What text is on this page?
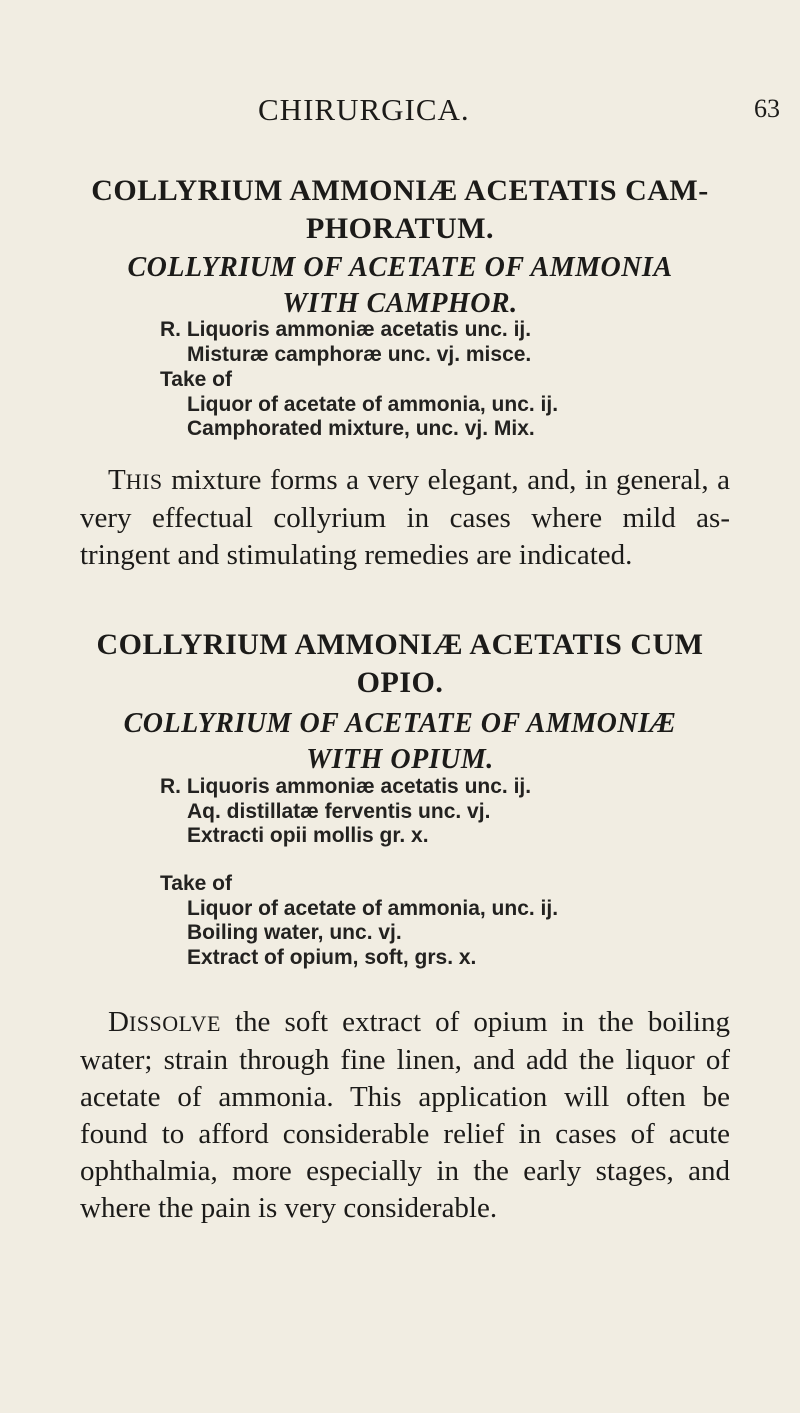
CHIRURGICA.	63
COLLYRIUM AMMONIÆ ACETATIS CAM-
PHORATUM.
COLLYRIUM OF ACETATE OF AMMONIA
WITH CAMPHOR.
R. Liquoris ammoniæ acetatis unc. ij.
Misturæ camphoræ unc. vj. misce.
Take of
Liquor of acetate of ammonia, unc. ij.
Camphorated mixture, unc. vj. Mix.

THIS mixture forms a very elegant, and, in general, a very effectual collyrium in cases where mild as- tringent and stimulating remedies are indicated.

COLLYRIUM AMMONIÆ ACETATIS CUM
OPIO.
COLLYRIUM OF ACETATE OF AMMONIÆ
WITH OPIUM.
R. Liquoris ammoniæ acetatis unc. ij.
Aq. distillatæ ferventis unc. vj.
Extracti opii mollis gr. x.
Take of
Liquor of acetate of ammonia, unc. ij.
Boiling water, unc. vj.
Extract of opium, soft, grs. x.

DISSOLVE the soft extract of opium in the boiling water; strain through fine linen, and add the liquor of acetate of ammonia. This application will often be found to afford considerable relief in cases of acute ophthalmia, more especially in the early stages, and where the pain is very considerable.
